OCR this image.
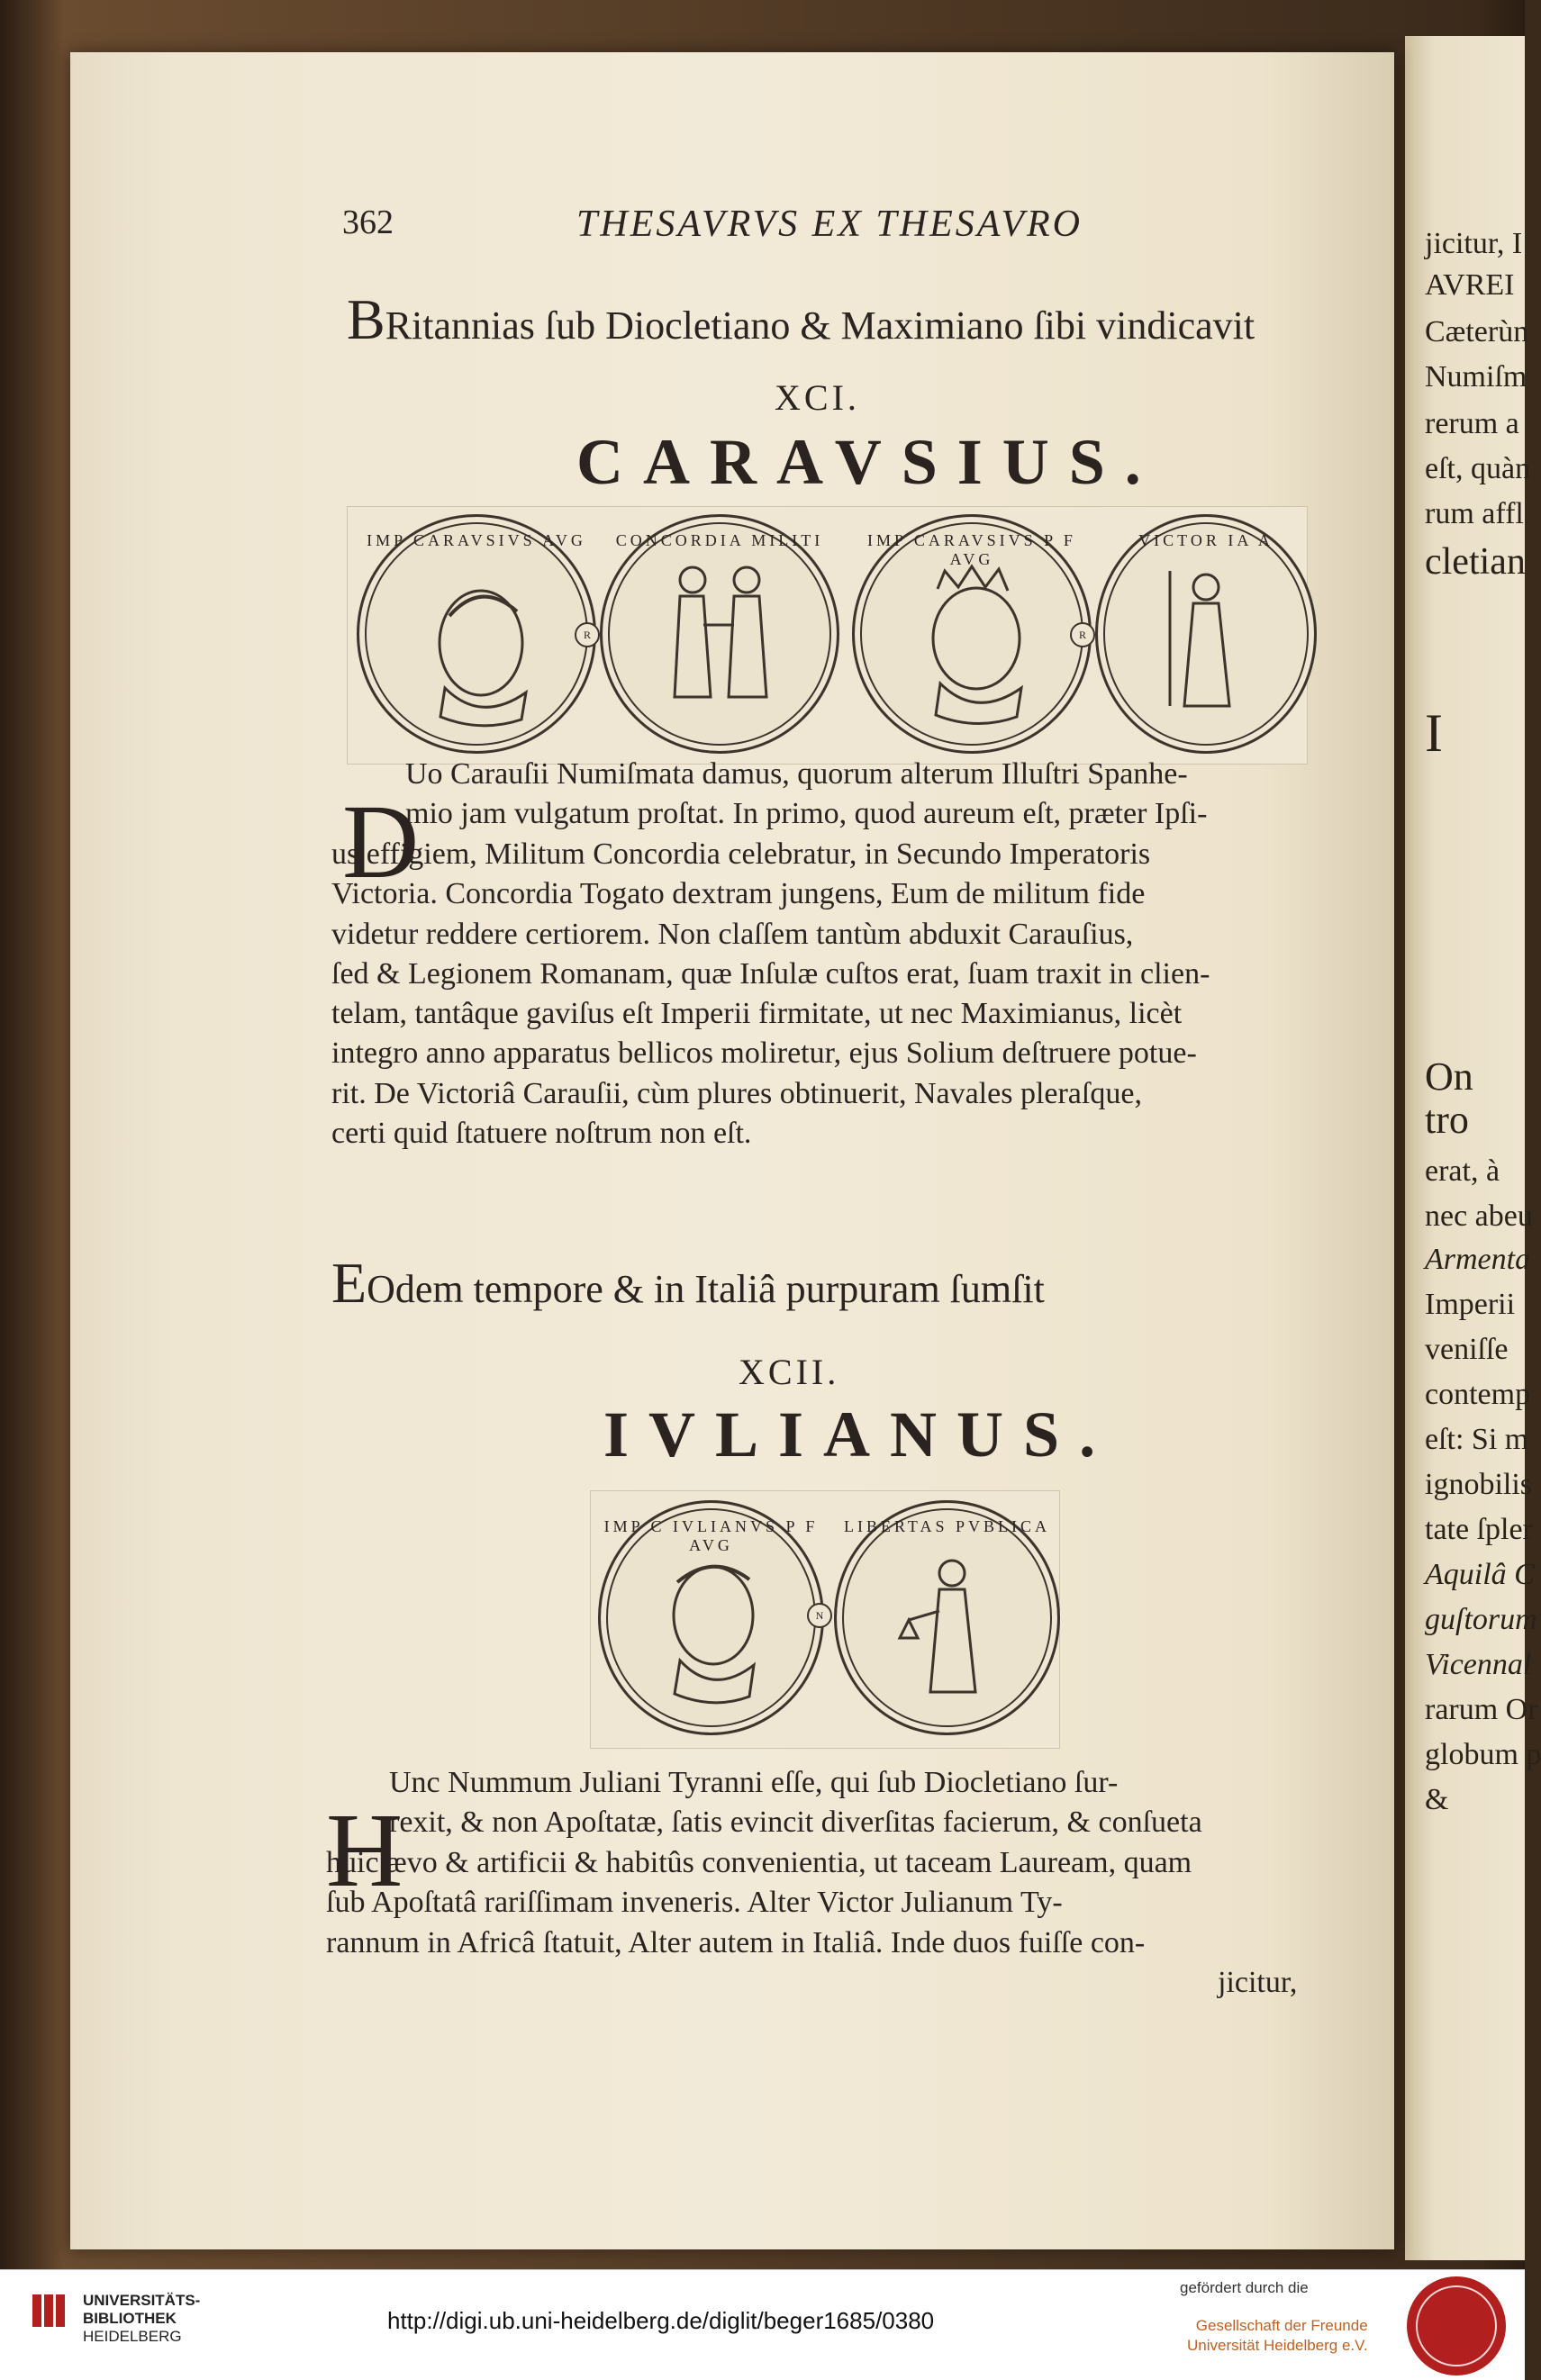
jicitur, I
AVREI
Cæterùn
Numiſm
rerum a
eſt, quàn
rum affl
cletian
I
On
tro
erat, à
nec abeu
Armenta
Imperii
veniſſe
contemp
eſt: Si m
ignobilis
tate ſpler
Aquilâ C
guſtorum
Vicennal
rarum Or
globum p
&
362	THESAVRVS EX THESAVRO
BRitannias ſub Diocletiano & Maximiano ſibi vindicavit
XCI.
CARAVSIUS.
IMP CARAVSIVS AVG
R
CONCORDIA MILITI	IMP CARAVSIVS P F AVG
R
VICTOR IA A
D
Uo Carauſii Numiſmata damus, quorum alterum Illuſtri Spanhe-
mio jam vulgatum proſtat. In primo, quod aureum eſt, præter Ipſi-
us effigiem, Militum Concordia celebratur, in Secundo Imperatoris
Victoria. Concordia Togato dextram jungens, Eum de militum fide
videtur reddere certiorem. Non claſſem tantùm abduxit Carauſius,
ſed & Legionem Romanam, quæ Inſulæ cuſtos erat, ſuam traxit in clien-
telam, tantâque gaviſus eſt Imperii firmitate, ut nec Maximianus, licèt
integro anno apparatus bellicos moliretur, ejus Solium deſtruere potue-
rit. De Victoriâ Carauſii, cùm plures obtinuerit, Navales pleraſque,
certi quid ſtatuere noſtrum non eſt.
EOdem tempore & in Italiâ purpuram ſumſit
XCII.
IVLIANUS.
IMP C IVLIANVS P F AVG
N
LIBERTAS PVBLICA
H
Unc Nummum Juliani Tyranni eſſe, qui ſub Diocletiano ſur-
rexit, & non Apoſtatæ, ſatis evincit diverſitas facierum, & conſueta
huic ævo & artificii & habitûs convenientia, ut taceam Lauream, quam
ſub Apoſtatâ rariſſimam inveneris. Alter Victor Julianum Ty-
rannum in Africâ ſtatuit, Alter autem in Italiâ. Inde duos fuiſſe con-
jicitur,
UNIVERSITÄTS-
BIBLIOTHEK
HEIDELBERG
http://digi.ub.uni-heidelberg.de/diglit/beger1685/0380
gefördert durch die
Gesellschaft der Freunde
Universität Heidelberg e.V.
